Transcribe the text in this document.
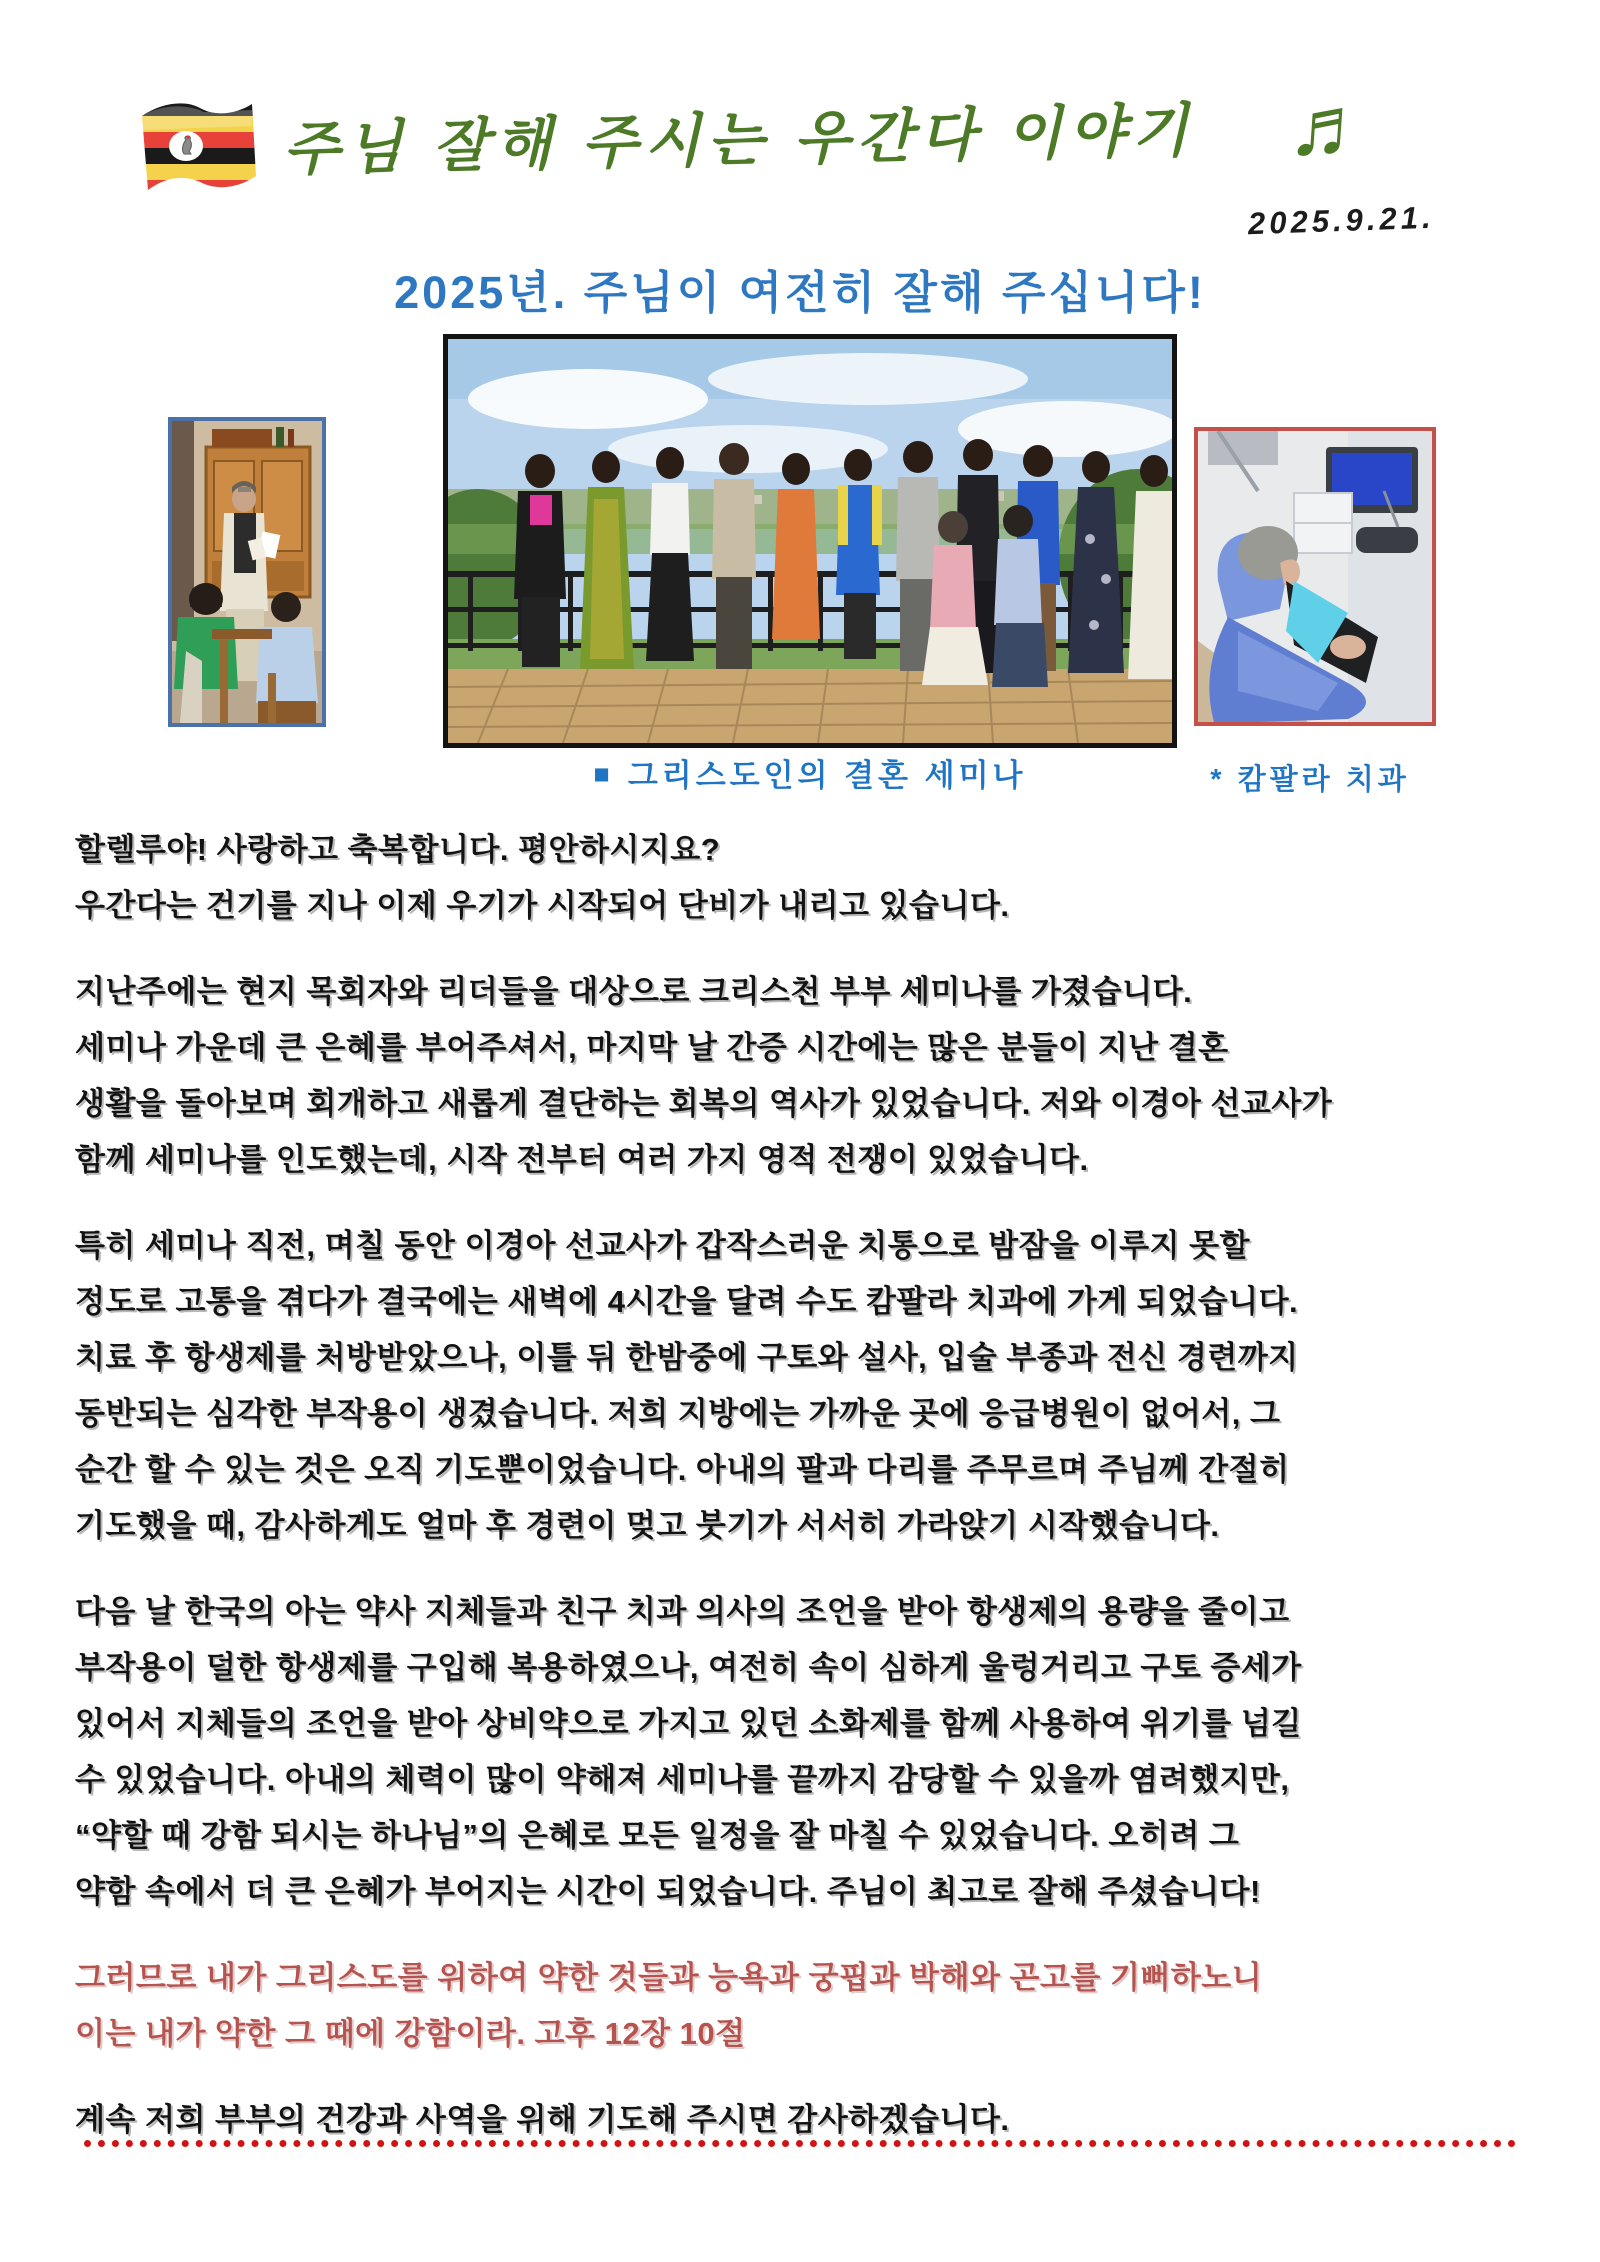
주님 잘해 주시는 우간다 이야기	♬
2025.9.21.
2025년. 주님이 여전히 잘해 주십니다!
■ 그리스도인의 결혼 세미나	* 캄팔라 치과
할렐루야! 사랑하고 축복합니다. 평안하시지요?
우간다는 건기를 지나 이제 우기가 시작되어 단비가 내리고 있습니다.
지난주에는 현지 목회자와 리더들을 대상으로 크리스천 부부 세미나를 가졌습니다.
세미나 가운데 큰 은혜를 부어주셔서, 마지막 날 간증 시간에는 많은 분들이 지난 결혼
생활을 돌아보며 회개하고 새롭게 결단하는 회복의 역사가 있었습니다. 저와 이경아 선교사가
함께 세미나를 인도했는데, 시작 전부터 여러 가지 영적 전쟁이 있었습니다.
특히 세미나 직전, 며칠 동안 이경아 선교사가 갑작스러운 치통으로 밤잠을 이루지 못할
정도로 고통을 겪다가 결국에는 새벽에 4시간을 달려 수도 캄팔라 치과에 가게 되었습니다.
치료 후 항생제를 처방받았으나, 이틀 뒤 한밤중에 구토와 설사, 입술 부종과 전신 경련까지
동반되는 심각한 부작용이 생겼습니다. 저희 지방에는 가까운 곳에 응급병원이 없어서, 그
순간 할 수 있는 것은 오직 기도뿐이었습니다. 아내의 팔과 다리를 주무르며 주님께 간절히
기도했을 때, 감사하게도 얼마 후 경련이 멎고 붓기가 서서히 가라앉기 시작했습니다.
다음 날 한국의 아는 약사 지체들과 친구 치과 의사의 조언을 받아 항생제의 용량을 줄이고
부작용이 덜한 항생제를 구입해 복용하였으나, 여전히 속이 심하게 울렁거리고 구토 증세가
있어서 지체들의 조언을 받아 상비약으로 가지고 있던 소화제를 함께 사용하여 위기를 넘길
수 있었습니다. 아내의 체력이 많이 약해져 세미나를 끝까지 감당할 수 있을까 염려했지만,
“약할 때 강함 되시는 하나님”의 은혜로 모든 일정을 잘 마칠 수 있었습니다. 오히려 그
약함 속에서 더 큰 은혜가 부어지는 시간이 되었습니다. 주님이 최고로 잘해 주셨습니다!
그러므로 내가 그리스도를 위하여 약한 것들과 능욕과 궁핍과 박해와 곤고를 기뻐하노니
이는 내가 약한 그 때에 강함이라. 고후 12장 10절
계속 저희 부부의 건강과 사역을 위해 기도해 주시면 감사하겠습니다.
